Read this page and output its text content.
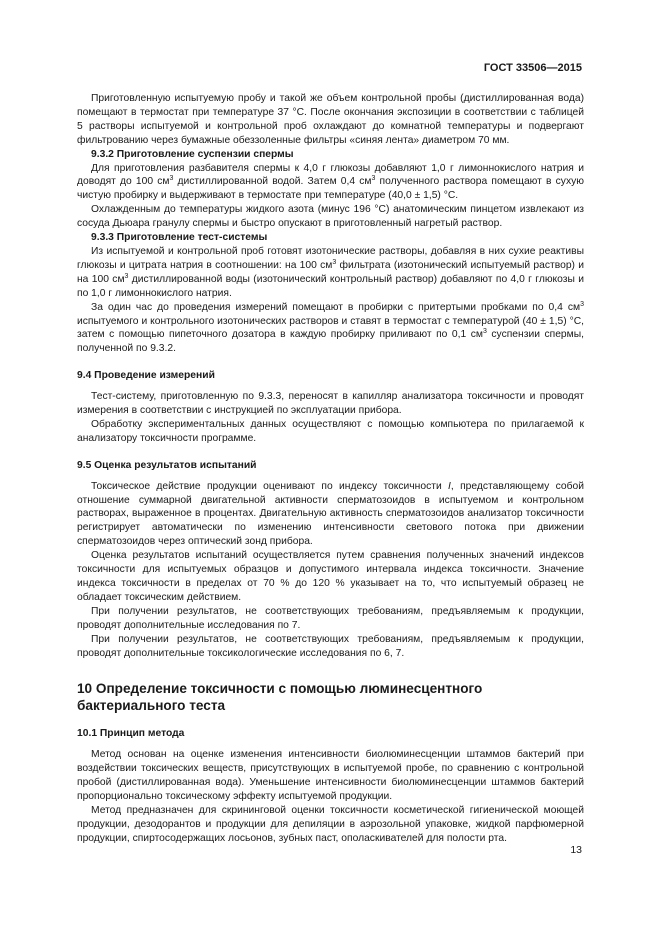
ГОСТ 33506—2015

Приготовленную испытуемую пробу и такой же объем контрольной пробы (дистиллированная вода) помещают в термостат при температуре 37 °С. После окончания экспозиции в соответствии с таблицей 5 растворы испытуемой и контрольной проб охлаждают до комнатной температуры и подвергают фильтрованию через бумажные обеззоленные фильтры «синяя лента» диаметром 70 мм.

9.3.2 Приготовление суспензии спермы

Для приготовления разбавителя спермы к 4,0 г глюкозы добавляют 1,0 г лимоннокислого натрия и доводят до 100 $см^3$ дистиллированной водой. Затем 0,4 $см^3$ полученного раствора помещают в сухую чистую пробирку и выдерживают в термостате при температуре (40,0 ± 1,5) °С.

Охлажденным до температуры жидкого азота (минус 196 °С) анатомическим пинцетом извлекают из сосуда Дьюара гранулу спермы и быстро опускают в приготовленный нагретый раствор.

9.3.3 Приготовление тест-системы

Из испытуемой и контрольной проб готовят изотонические растворы, добавляя в них сухие реактивы глюкозы и цитрата натрия в соотношении: на 100 $см^3$ фильтрата (изотонический испытуемый раствор) и на 100 $см^3$ дистиллированной воды (изотонический контрольный раствор) добавляют по 4,0 г глюкозы и по 1,0 г лимоннокислого натрия.

За один час до проведения измерений помещают в пробирки с притертыми пробками по 0,4 $см^3$ испытуемого и контрольного изотонических растворов и ставят в термостат с температурой (40 ± 1,5) °С, затем с помощью пипеточного дозатора в каждую пробирку приливают по 0,1 $см^3$ суспензии спермы, полученной по 9.3.2.

9.4 Проведение измерений

Тест-систему, приготовленную по 9.3.3, переносят в капилляр анализатора токсичности и проводят измерения в соответствии с инструкцией по эксплуатации прибора.

Обработку экспериментальных данных осуществляют с помощью компьютера по прилагаемой к анализатору токсичности программе.

9.5 Оценка результатов испытаний

Токсическое действие продукции оценивают по индексу токсичности I, представляющему собой отношение суммарной двигательной активности сперматозоидов в испытуемом и контрольном растворах, выраженное в процентах. Двигательную активность сперматозоидов анализатор токсичности регистрирует автоматически по изменению интенсивности светового потока при движении сперматозоидов через оптический зонд прибора.

Оценка результатов испытаний осуществляется путем сравнения полученных значений индексов токсичности для испытуемых образцов и допустимого интервала индекса токсичности. Значение индекса токсичности в пределах от 70 % до 120 % указывает на то, что испытуемый образец не обладает токсическим действием.

При получении результатов, не соответствующих требованиям, предъявляемым к продукции, проводят дополнительные исследования по 7.

При получении результатов, не соответствующих требованиям, предъявляемым к продукции, проводят дополнительные токсикологические исследования по 6, 7.

10 Определение токсичности с помощью люминесцентного бактериального теста
10.1 Принцип метода

Метод основан на оценке изменения интенсивности биолюминесценции штаммов бактерий при воздействии токсических веществ, присутствующих в испытуемой пробе, по сравнению с контрольной пробой (дистиллированная вода). Уменьшение интенсивности биолюминесценции штаммов бактерий пропорционально токсическому эффекту испытуемой продукции.

Метод предназначен для скрининговой оценки токсичности косметической гигиенической моющей продукции, дезодорантов и продукции для депиляции в аэрозольной упаковке, жидкой парфюмерной продукции, спиртосодержащих лосьонов, зубных паст, ополаскивателей для полости рта.

13
